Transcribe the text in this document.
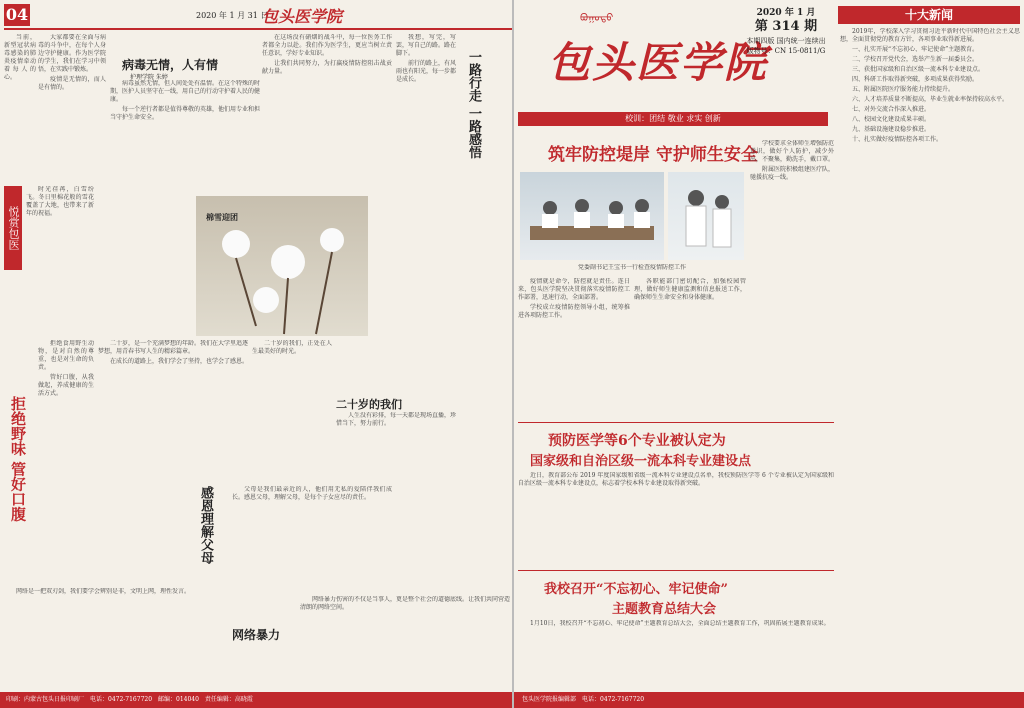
04	2020 年 1 月 31 日
包头医学院

当前，新型冠状病毒感染的肺炎疫情牵动着每人的心。

大家都要在全面与病毒的斗争中，在每个人身边守护健康。作为医学院的学生，我们在学习中领悟，在实践中锻炼。

疫情是无情的，而人是有情的。

病毒无情，人有情
护理学院 朱婷

病毒虽然无情，但人间处处有温情。在这个特殊的时期，医护人员坚守在一线，用自己的行动守护着人民的健康。

每一个逆行者都是值得尊敬的英雄，他们用专业和担当守护生命安全。

在这场没有硝烟的战斗中，每一位医务工作者都全力以赴。我们作为医学生，更应当树立责任意识，学好专业知识。

让我们共同努力，为打赢疫情防控阻击战贡献力量。

我想，写完，写罢，写自己的路。路在脚下。

前行的路上，有风雨也有阳光，每一步都是成长。	一路行走 一路感悟
悦赏包医

时光荏苒，白雪纷飞。冬日里棉花般的雪花覆盖了大地，也带来了新年的祝福。	棉雪迎团
拒绝野味 管好口腹

拒绝食用野生动物，是对自然的尊重，也是对生命的负责。

管好口腹，从我做起，养成健康的生活方式。

二十岁，是一个充满梦想的年龄。我们在大学里追逐梦想，用青春书写人生的精彩篇章。

在成长的道路上，我们学会了坚持，也学会了感恩。

二十岁的我们

二十岁的我们，正处在人生最美好的时光。

人生没有彩排，每一天都是现场直播，珍惜当下，努力前行。

感恩理解父母	父母是我们最亲近的人，他们用无私的爱陪伴我们成长。感恩父母，理解父母，是每个子女应尽的责任。

网络是一把双刃剑，我们要学会辨别是非，文明上网，理性发言。

网络暴力

网络暴力伤害的不仅是当事人，更是整个社会的道德底线。让我们共同营造清朗的网络空间。

印刷：内蒙古包头日报印刷厂　电话：0472-7167720　邮编：014040　责任编辑：高晓霞
ᠪᠤᠭᠤᠲᠤ
包头医学院
2020 年 1 月
第 314 期
本期四版 国内统一连续出版物号：CN 15-0811/G
校训：团结 敬业 求实 创新
筑牢防控堤岸 守护师生安全
党委副书记王宝书一行检查疫情防控工作

疫情就是命令，防控就是责任。连日来，包头医学院坚决贯彻落实疫情防控工作部署，迅速行动，全面部署。

学校成立疫情防控领导小组，统筹推进各项防控工作。

各职能部门密切配合，加强校园管理，做好师生健康监测和信息报送工作，确保师生生命安全和身体健康。

学校要求全体师生增强防范意识，做好个人防护，减少外出，不聚集，勤洗手，戴口罩。

附属医院积极组建医疗队，驰援抗疫一线。

预防医学等6个专业被认定为
国家级和自治区级一流本科专业建设点

近日，教育部公布 2019 年度国家级和省级一流本科专业建设点名单，我校预防医学等 6 个专业被认定为国家级和自治区级一流本科专业建设点，标志着学校本科专业建设取得新突破。

我校召开“不忘初心、牢记使命”
主题教育总结大会

1月10日，我校召开“不忘初心、牢记使命”主题教育总结大会，全面总结主题教育工作，巩固拓展主题教育成果。

十大新闻

2019年，学校深入学习贯彻习近平新时代中国特色社会主义思想，全面贯彻党的教育方针，各项事业取得新进展。

一、扎实开展“不忘初心、牢记使命”主题教育。

二、学校召开党代会，选举产生新一届委员会。

三、获批国家级和自治区级一流本科专业建设点。

四、科研工作取得新突破，多项成果获得奖励。

五、附属医院医疗服务能力持续提升。

六、人才培养质量不断提高，毕业生就业率保持较高水平。

七、对外交流合作深入推进。

八、校园文化建设成果丰硕。

九、基础设施建设稳步推进。

十、扎实做好疫情防控各项工作。

包头医学院报编辑部　电话：0472-7167720
